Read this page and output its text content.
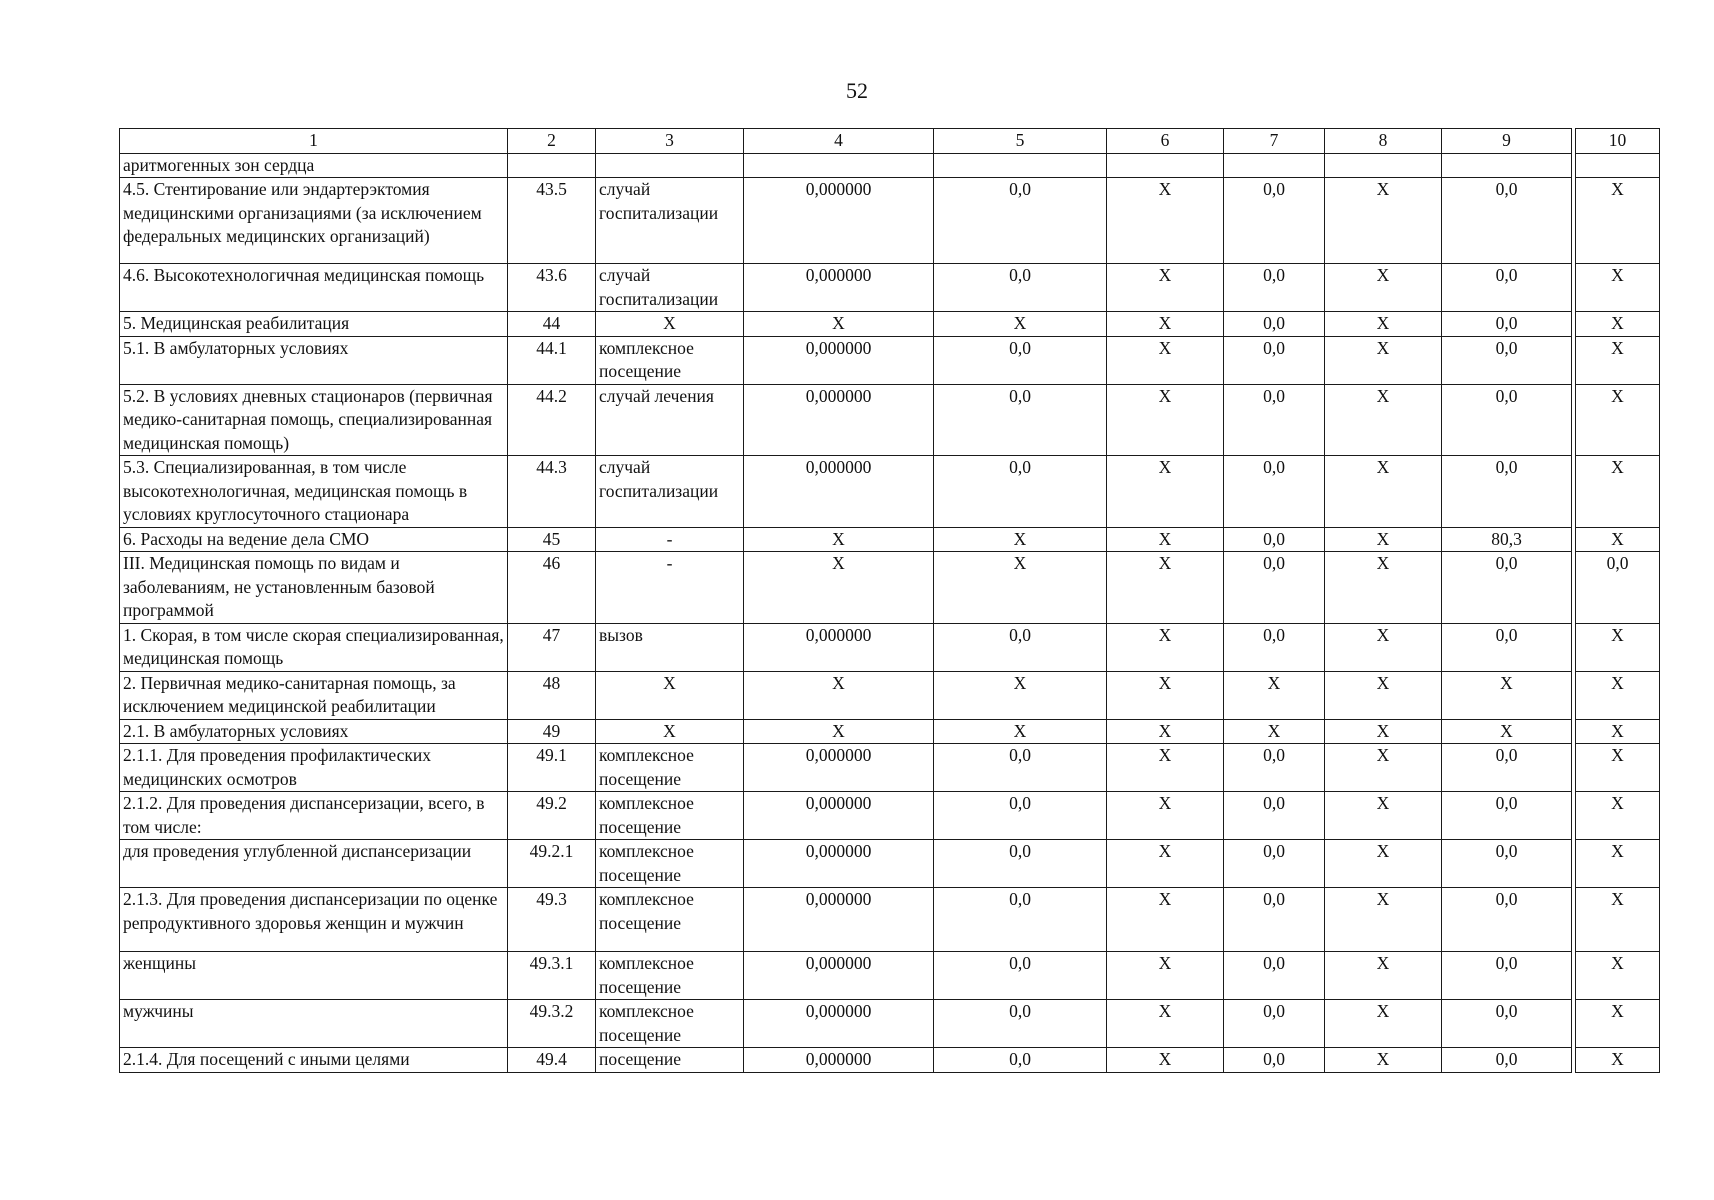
52
1	2	3	4	5	6	7	8	9		10
аритмогенных зон сердца										
4.5. Стентирование или эндартерэктомия медицинскими организациями (за исключением федеральных медицинских организаций)	43.5	случай госпитализации	0,000000	0,0	X	0,0	X	0,0		X
4.6. Высокотехнологичная медицинская помощь	43.6	случай госпитализации	0,000000	0,0	X	0,0	X	0,0		X
5. Медицинская реабилитация	44	X	X	X	X	0,0	X	0,0		X
5.1. В амбулаторных условиях	44.1	комплексное посещение	0,000000	0,0	X	0,0	X	0,0		X
5.2. В условиях дневных стационаров (первичная медико-санитарная помощь, специализированная медицинская помощь)	44.2	случай лечения	0,000000	0,0	X	0,0	X	0,0		X
5.3. Специализированная, в том числе высокотехнологичная, медицинская помощь в условиях круглосуточного стационара	44.3	случай госпитализации	0,000000	0,0	X	0,0	X	0,0		X
6. Расходы на ведение дела СМО	45	-	X	X	X	0,0	X	80,3		X
III. Медицинская помощь по видам и заболеваниям, не установленным базовой программой	46	-	X	X	X	0,0	X	0,0		0,0
1. Скорая, в том числе скорая специализированная, медицинская помощь	47	вызов	0,000000	0,0	X	0,0	X	0,0		X
2. Первичная медико-санитарная помощь, за исключением медицинской реабилитации	48	X	X	X	X	X	X	X		X
2.1. В амбулаторных условиях	49	X	X	X	X	X	X	X		X
2.1.1. Для проведения профилактических медицинских осмотров	49.1	комплексное посещение	0,000000	0,0	X	0,0	X	0,0		X
2.1.2. Для проведения диспансеризации, всего, в том числе:	49.2	комплексное посещение	0,000000	0,0	X	0,0	X	0,0		X
для проведения углубленной диспансеризации	49.2.1	комплексное посещение	0,000000	0,0	X	0,0	X	0,0		X
2.1.3. Для проведения диспансеризации по оценке репродуктивного здоровья женщин и мужчин	49.3	комплексное посещение	0,000000	0,0	X	0,0	X	0,0		X
женщины	49.3.1	комплексное посещение	0,000000	0,0	X	0,0	X	0,0		X
мужчины	49.3.2	комплексное посещение	0,000000	0,0	X	0,0	X	0,0		X
2.1.4. Для посещений с иными целями	49.4	посещение	0,000000	0,0	X	0,0	X	0,0		X
